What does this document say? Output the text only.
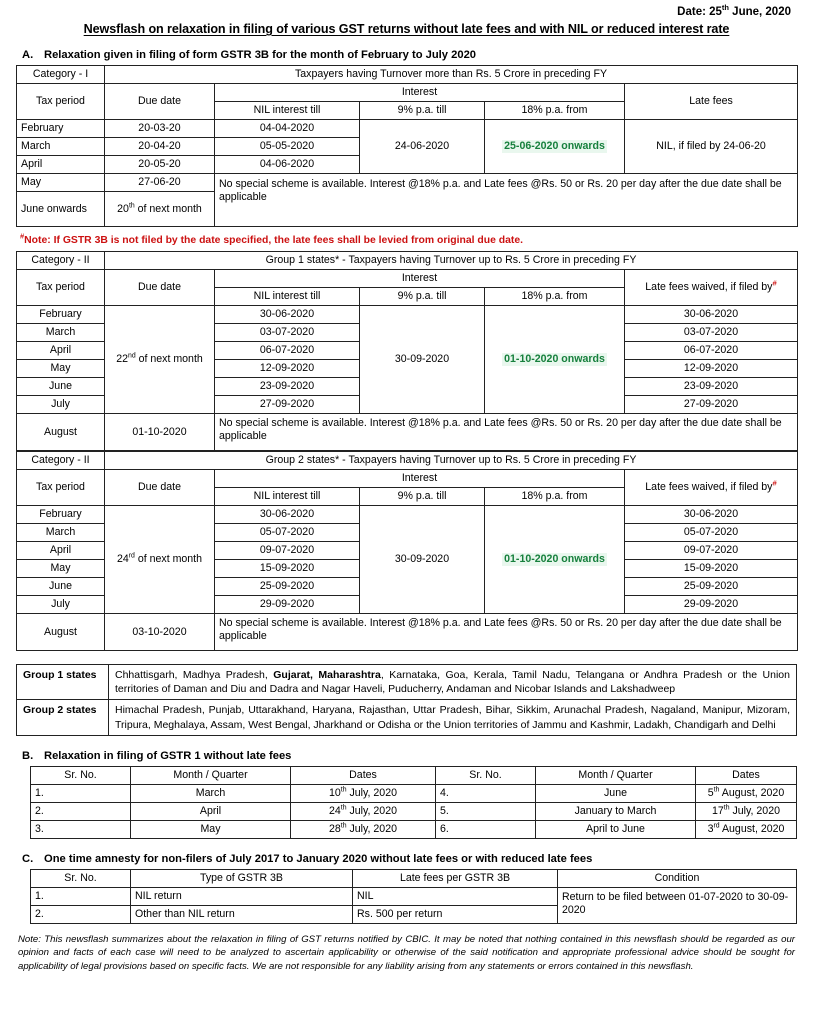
Date: 25th June, 2020
Newsflash on relaxation in filing of various GST returns without late fees and with NIL or reduced interest rate
A. Relaxation given in filing of form GSTR 3B for the month of February to July 2020
Category - I	Taxpayers having Turnover more than Rs. 5 Crore in preceding FY				
Tax period	Due date	Interest			Late fees
		NIL interest till	9% p.a. till	18% p.a. from	
February	20-03-20	04-04-2020	24-06-2020	25-06-2020 onwards	NIL, if filed by 24-06-20
March	20-04-20	05-05-2020			
April	20-05-20	04-06-2020			
May	27-06-20	No special scheme is available. Interest @18% p.a. and Late fees @Rs. 50 or Rs. 20 per day after the due date shall be applicable			
June onwards	20th of next month				
#Note: If GSTR 3B is not filed by the date specified, the late fees shall be levied from original due date.
Category - II	Group 1 states* - Taxpayers having Turnover up to Rs. 5 Crore in preceding FY				
Tax period	Due date	Interest			Late fees waived, if filed by#
		NIL interest till	9% p.a. till	18% p.a. from	
February	22nd of next month	30-06-2020	30-09-2020	01-10-2020 onwards	30-06-2020
March		03-07-2020			03-07-2020
April		06-07-2020			06-07-2020
May		12-09-2020			12-09-2020
June		23-09-2020			23-09-2020
July		27-09-2020			27-09-2020
August	01-10-2020	No special scheme is available. Interest @18% p.a. and Late fees @Rs. 50 or Rs. 20 per day after the due date shall be applicable			
Category - II	Group 2 states* - Taxpayers having Turnover up to Rs. 5 Crore in preceding FY				
Tax period	Due date	Interest			Late fees waived, if filed by#
		NIL interest till	9% p.a. till	18% p.a. from	
February	24rd of next month	30-06-2020	30-09-2020	01-10-2020 onwards	30-06-2020
March		05-07-2020			05-07-2020
April		09-07-2020			09-07-2020
May		15-09-2020			15-09-2020
June		25-09-2020			25-09-2020
July		29-09-2020			29-09-2020
August	03-10-2020	No special scheme is available. Interest @18% p.a. and Late fees @Rs. 50 or Rs. 20 per day after the due date shall be applicable			
Group 1 states	Chhattisgarh, Madhya Pradesh, Gujarat, Maharashtra, Karnataka, Goa, Kerala, Tamil Nadu, Telangana or Andhra Pradesh or the Union territories of Daman and Diu and Dadra and Nagar Haveli, Puducherry, Andaman and Nicobar Islands and Lakshadweep
Group 2 states	Himachal Pradesh, Punjab, Uttarakhand, Haryana, Rajasthan, Uttar Pradesh, Bihar, Sikkim, Arunachal Pradesh, Nagaland, Manipur, Mizoram, Tripura, Meghalaya, Assam, West Bengal, Jharkhand or Odisha or the Union territories of Jammu and Kashmir, Ladakh, Chandigarh and Delhi
B. Relaxation in filing of GSTR 1 without late fees
Sr. No.	Month / Quarter	Dates	Sr. No.	Month / Quarter	Dates
1.	March	10th July, 2020	4.	June	5th August, 2020
2.	April	24th July, 2020	5.	January to March	17th July, 2020
3.	May	28th July, 2020	6.	April to June	3rd August, 2020
C. One time amnesty for non-filers of July 2017 to January 2020 without late fees or with reduced late fees
Sr. No.	Type of GSTR 3B	Late fees per GSTR 3B	Condition
1.	NIL return	NIL	Return to be filed between 01-07-2020 to 30-09-2020
2.	Other than NIL return	Rs. 500 per return	
Note: This newsflash summarizes about the relaxation in filing of GST returns notified by CBIC. It may be noted that nothing contained in this newsflash should be regarded as our opinion and facts of each case will need to be analyzed to ascertain applicability or otherwise of the said notification and appropriate professional advice should be sought for applicability of legal provisions based on specific facts. We are not responsible for any liability arising from any statements or errors contained in this newsflash.
